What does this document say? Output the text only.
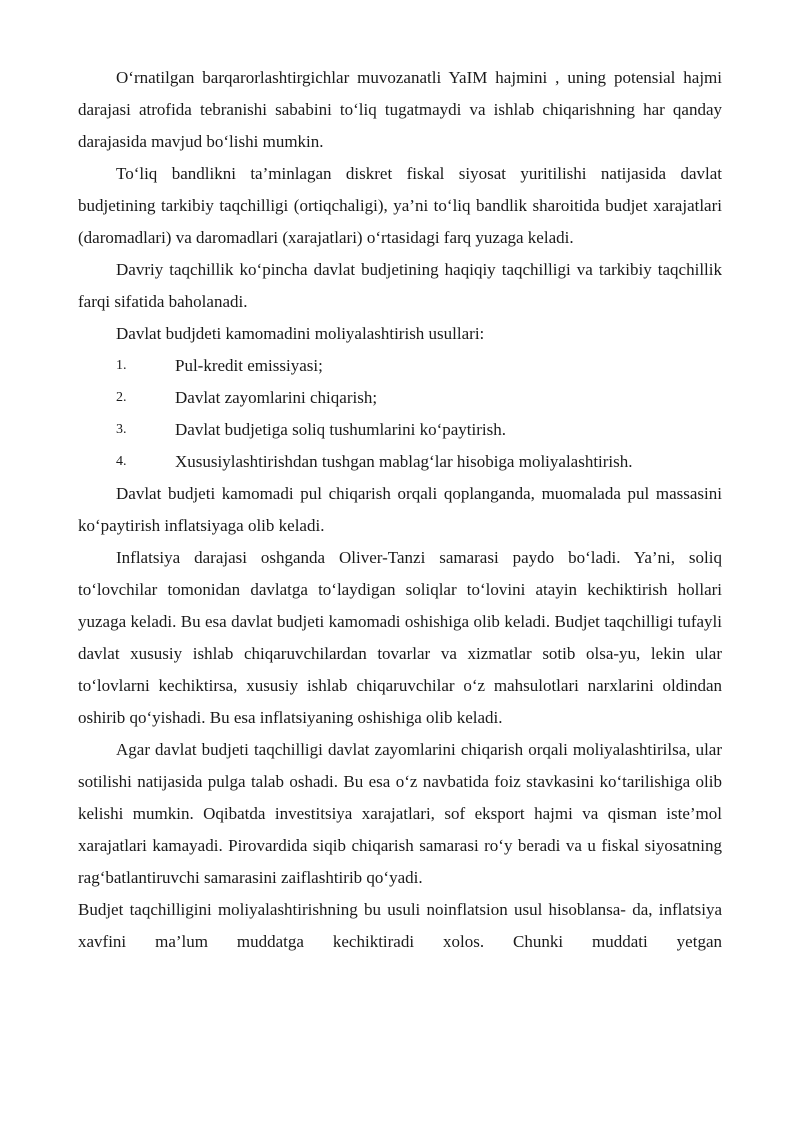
O‘rnatilgan barqarorlashtirgichlar muvozanatli YaIM hajmini , uning potensial hajmi darajasi atrofida tebranishi sababini to‘liq tugatmaydi va ishlab chiqarishning har qanday darajasida mavjud bo‘lishi mumkin.

To‘liq bandlikni ta’minlagan diskret fiskal siyosat yuritilishi natijasida davlat budjetining tarkibiy taqchilligi (ortiqchaligi), ya’ni to‘liq bandlik sharoitida budjet xarajatlari (daromadlari) va daromadlari (xarajatlari) o‘rtasidagi farq yuzaga keladi.

Davriy taqchillik ko‘pincha davlat budjetining haqiqiy taqchilligi va tarkibiy taqchillik farqi sifatida baholanadi.

Davlat budjdeti kamomadini moliyalashtirish usullari:

1.	Pul-kredit emissiyasi;
2.	Davlat zayomlarini chiqarish;
3.	Davlat budjetiga soliq tushumlarini ko‘paytirish.
4.	Xususiylashtirishdan tushgan mablag‘lar hisobiga moliyalashtirish.

Davlat budjeti kamomadi pul chiqarish orqali qoplanganda, muomalada pul massasini ko‘paytirish inflatsiyaga olib keladi.

Inflatsiya darajasi oshganda Oliver-Tanzi samarasi paydo bo‘ladi. Ya’ni, soliq to‘lovchilar tomonidan davlatga to‘laydigan soliqlar to‘lovini atayin kechiktirish hollari yuzaga keladi. Bu esa davlat budjeti kamomadi oshishiga olib keladi. Budjet taqchilligi tufayli davlat xususiy ishlab chiqaruvchilardan tovarlar va xizmatlar sotib olsa-yu, lekin ular to‘lovlarni kechiktirsa, xususiy ishlab chiqaruvchilar o‘z mahsulotlari narxlarini oldindan oshirib qo‘yishadi. Bu esa inflatsiyaning oshishiga olib keladi.

Agar davlat budjeti taqchilligi davlat zayomlarini chiqarish orqali moliyalashtirilsa, ular sotilishi natijasida pulga talab oshadi. Bu esa o‘z navbatida foiz stavkasini ko‘tarilishiga olib kelishi mumkin. Oqibatda investitsiya xarajatlari, sof eksport hajmi va qisman iste’mol xarajatlari kamayadi. Pirovardida siqib chiqarish samarasi ro‘y beradi va u fiskal siyosatning rag‘batlantiruvchi samarasini zaiflashtirib qo‘yadi.

Budjet taqchilligini moliyalashtirishning bu usuli noinflatsion usul hisoblansa- da, inflatsiya xavfini ma’lum muddatga kechiktiradi xolos. Chunki muddati yetgan
